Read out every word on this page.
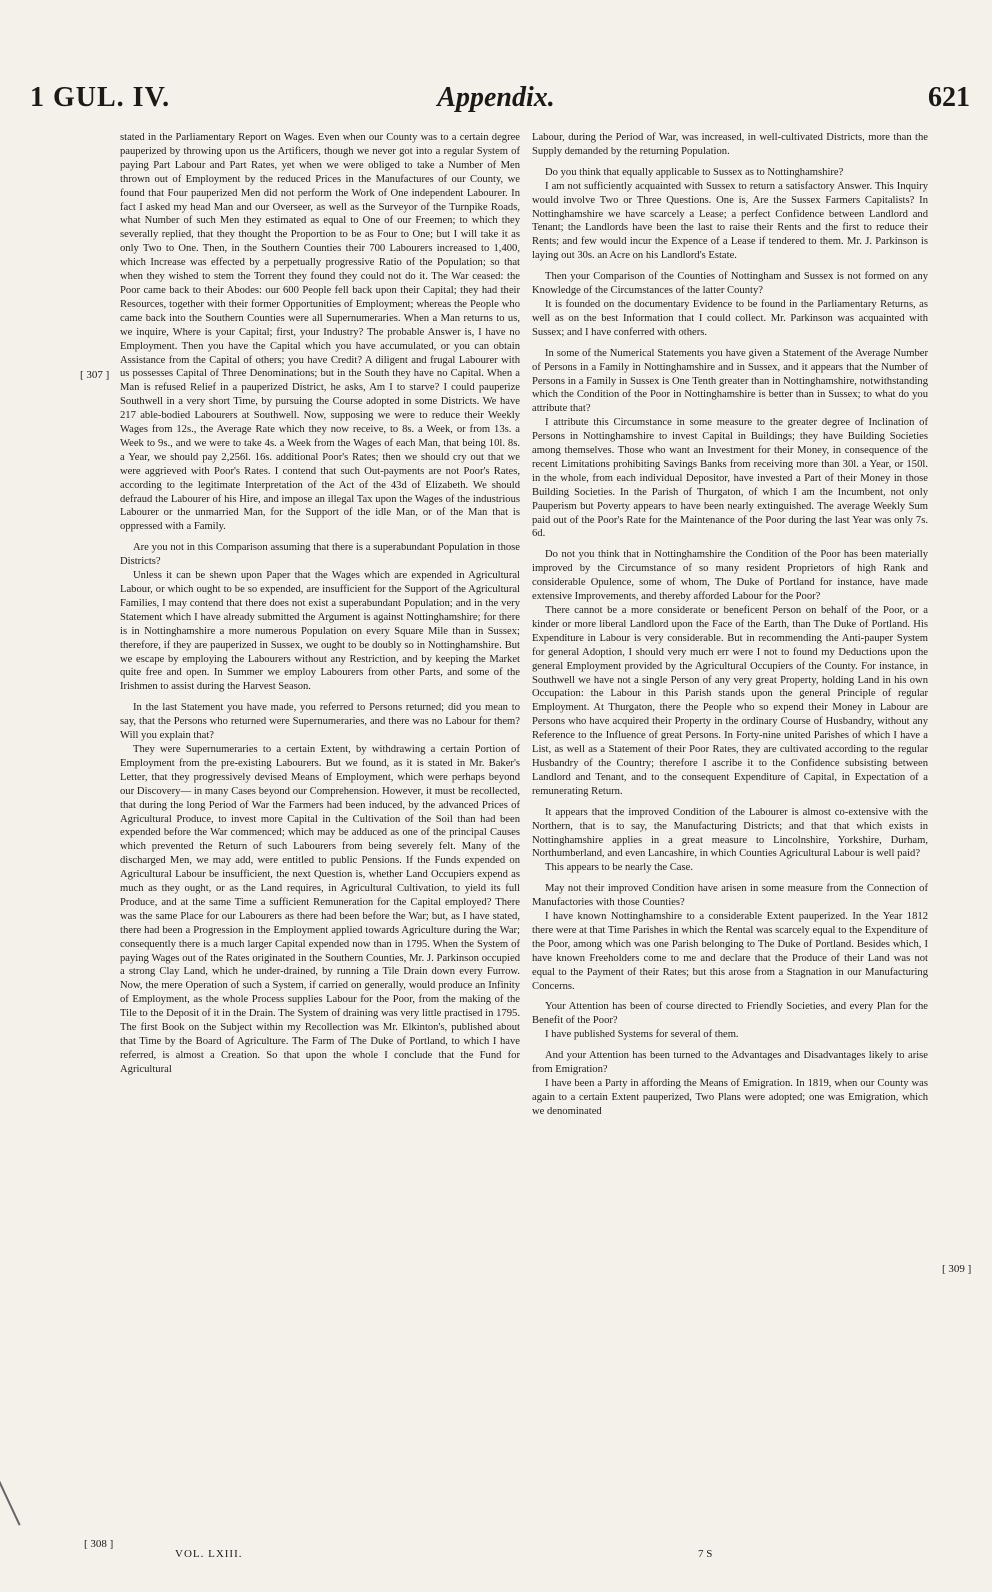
1 GUL. IV.	Appendix.	621
[ 307 ]
[ 309 ]
[ 308 ]

stated in the Parliamentary Report on Wages. Even when our County was to a certain degree pauperized by throwing upon us the Artificers, though we never got into a regular System of paying Part Labour and Part Rates, yet when we were obliged to take a Number of Men thrown out of Employment by the reduced Prices in the Manufactures of our County, we found that Four pauperized Men did not perform the Work of One independent Labourer. In fact I asked my head Man and our Overseer, as well as the Surveyor of the Turnpike Roads, what Number of such Men they estimated as equal to One of our Freemen; to which they severally replied, that they thought the Proportion to be as Four to One; but I will take it as only Two to One. Then, in the Southern Counties their 700 Labourers increased to 1,400, which Increase was effected by a perpetually progressive Ratio of the Population; so that when they wished to stem the Torrent they found they could not do it. The War ceased: the Poor came back to their Abodes: our 600 People fell back upon their Capital; they had their Resources, together with their former Opportunities of Employment; whereas the People who came back into the Southern Counties were all Supernumeraries. When a Man returns to us, we inquire, Where is your Capital; first, your Industry? The probable Answer is, I have no Employment. Then you have the Capital which you have accumulated, or you can obtain Assistance from the Capital of others; you have Credit? A diligent and frugal Labourer with us possesses Capital of Three Denominations; but in the South they have no Capital. When a Man is refused Relief in a pauperized District, he asks, Am I to starve? I could pauperize Southwell in a very short Time, by pursuing the Course adopted in some Districts. We have 217 able-bodied Labourers at Southwell. Now, supposing we were to reduce their Weekly Wages from 12s., the Average Rate which they now receive, to 8s. a Week, or from 13s. a Week to 9s., and we were to take 4s. a Week from the Wages of each Man, that being 10l. 8s. a Year, we should pay 2,256l. 16s. additional Poor's Rates; then we should cry out that we were aggrieved with Poor's Rates. I contend that such Out-payments are not Poor's Rates, according to the legitimate Interpretation of the Act of the 43d of Elizabeth. We should defraud the Labourer of his Hire, and impose an illegal Tax upon the Wages of the industrious Labourer or the unmarried Man, for the Support of the idle Man, or of the Man that is oppressed with a Family.

Are you not in this Comparison assuming that there is a superabundant Population in those Districts?

Unless it can be shewn upon Paper that the Wages which are expended in Agricultural Labour, or which ought to be so expended, are insufficient for the Support of the Agricultural Families, I may contend that there does not exist a superabundant Population; and in the very Statement which I have already submitted the Argument is against Nottinghamshire; for there is in Nottinghamshire a more numerous Population on every Square Mile than in Sussex; therefore, if they are pauperized in Sussex, we ought to be doubly so in Nottinghamshire. But we escape by employing the Labourers without any Restriction, and by keeping the Market quite free and open. In Summer we employ Labourers from other Parts, and some of the Irishmen to assist during the Harvest Season.

In the last Statement you have made, you referred to Persons returned; did you mean to say, that the Persons who returned were Supernumeraries, and there was no Labour for them? Will you explain that?

They were Supernumeraries to a certain Extent, by withdrawing a certain Portion of Employment from the pre-existing Labourers. But we found, as it is stated in Mr. Baker's Letter, that they progressively devised Means of Employment, which were perhaps beyond our Discovery— in many Cases beyond our Comprehension. However, it must be recollected, that during the long Period of War the Farmers had been induced, by the advanced Prices of Agricultural Produce, to invest more Capital in the Cultivation of the Soil than had been expended before the War commenced; which may be adduced as one of the principal Causes which prevented the Return of such Labourers from being severely felt. Many of the discharged Men, we may add, were entitled to public Pensions. If the Funds expended on Agricultural Labour be insufficient, the next Question is, whether Land Occupiers expend as much as they ought, or as the Land requires, in Agricultural Cultivation, to yield its full Produce, and at the same Time a sufficient Remuneration for the Capital employed? There was the same Place for our Labourers as there had been before the War; but, as I have stated, there had been a Progression in the Employment applied towards Agriculture during the War; consequently there is a much larger Capital expended now than in 1795. When the System of paying Wages out of the Rates originated in the Southern Counties, Mr. J. Parkinson occupied a strong Clay Land, which he under-drained, by running a Tile Drain down every Furrow. Now, the mere Operation of such a System, if carried on generally, would produce an Infinity of Employment, as the whole Process supplies Labour for the Poor, from the making of the Tile to the Deposit of it in the Drain. The System of draining was very little practised in 1795. The first Book on the Subject within my Recollection was Mr. Elkinton's, published about that Time by the Board of Agriculture. The Farm of The Duke of Portland, to which I have referred, is almost a Creation. So that upon the whole I conclude that the Fund for Agricultural

Labour, during the Period of War, was increased, in well-cultivated Districts, more than the Supply demanded by the returning Population.

Do you think that equally applicable to Sussex as to Nottinghamshire?

I am not sufficiently acquainted with Sussex to return a satisfactory Answer. This Inquiry would involve Two or Three Questions. One is, Are the Sussex Farmers Capitalists? In Nottinghamshire we have scarcely a Lease; a perfect Confidence between Landlord and Tenant; the Landlords have been the last to raise their Rents and the first to reduce their Rents; and few would incur the Expence of a Lease if tendered to them. Mr. J. Parkinson is laying out 30s. an Acre on his Landlord's Estate.

Then your Comparison of the Counties of Nottingham and Sussex is not formed on any Knowledge of the Circumstances of the latter County?

It is founded on the documentary Evidence to be found in the Parliamentary Returns, as well as on the best Information that I could collect. Mr. Parkinson was acquainted with Sussex; and I have conferred with others.

In some of the Numerical Statements you have given a Statement of the Average Number of Persons in a Family in Nottinghamshire and in Sussex, and it appears that the Number of Persons in a Family in Sussex is One Tenth greater than in Nottinghamshire, notwithstanding which the Condition of the Poor in Nottinghamshire is better than in Sussex; to what do you attribute that?

I attribute this Circumstance in some measure to the greater degree of Inclination of Persons in Nottinghamshire to invest Capital in Buildings; they have Building Societies among themselves. Those who want an Investment for their Money, in consequence of the recent Limitations prohibiting Savings Banks from receiving more than 30l. a Year, or 150l. in the whole, from each individual Depositor, have invested a Part of their Money in those Building Societies. In the Parish of Thurgaton, of which I am the Incumbent, not only Pauperism but Poverty appears to have been nearly extinguished. The average Weekly Sum paid out of the Poor's Rate for the Maintenance of the Poor during the last Year was only 7s. 6d.

Do not you think that in Nottinghamshire the Condition of the Poor has been materially improved by the Circumstance of so many resident Proprietors of high Rank and considerable Opulence, some of whom, The Duke of Portland for instance, have made extensive Improvements, and thereby afforded Labour for the Poor?

There cannot be a more considerate or beneficent Person on behalf of the Poor, or a kinder or more liberal Landlord upon the Face of the Earth, than The Duke of Portland. His Expenditure in Labour is very considerable. But in recommending the Anti-pauper System for general Adoption, I should very much err were I not to found my Deductions upon the general Employment provided by the Agricultural Occupiers of the County. For instance, in Southwell we have not a single Person of any very great Property, holding Land in his own Occupation: the Labour in this Parish stands upon the general Principle of regular Employment. At Thurgaton, there the People who so expend their Money in Labour are Persons who have acquired their Property in the ordinary Course of Husbandry, without any Reference to the Influence of great Persons. In Forty-nine united Parishes of which I have a List, as well as a Statement of their Poor Rates, they are cultivated according to the regular Husbandry of the Country; therefore I ascribe it to the Confidence subsisting between Landlord and Tenant, and to the consequent Expenditure of Capital, in Expectation of a remunerating Return.

It appears that the improved Condition of the Labourer is almost co-extensive with the Northern, that is to say, the Manufacturing Districts; and that that which exists in Nottinghamshire applies in a great measure to Lincolnshire, Yorkshire, Durham, Northumberland, and even Lancashire, in which Counties Agricultural Labour is well paid?

This appears to be nearly the Case.

May not their improved Condition have arisen in some measure from the Connection of Manufactories with those Counties?

I have known Nottinghamshire to a considerable Extent pauperized. In the Year 1812 there were at that Time Parishes in which the Rental was scarcely equal to the Expenditure of the Poor, among which was one Parish belonging to The Duke of Portland. Besides which, I have known Freeholders come to me and declare that the Produce of their Land was not equal to the Payment of their Rates; but this arose from a Stagnation in our Manufacturing Concerns.

Your Attention has been of course directed to Friendly Societies, and every Plan for the Benefit of the Poor?

I have published Systems for several of them.

And your Attention has been turned to the Advantages and Disadvantages likely to arise from Emigration?

I have been a Party in affording the Means of Emigration. In 1819, when our County was again to a certain Extent pauperized, Two Plans were adopted; one was Emigration, which we denominated

VOL. LXIII.	7 S
